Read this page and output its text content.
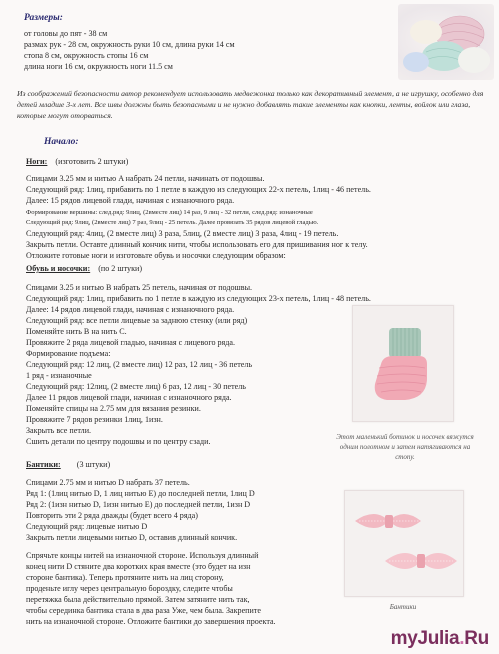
Размеры:
от головы до пят - 38 см
размах рук - 28 см, окружность руки 10 см, длина руки 14 см
стопа 8 см, окружность стопы 16 см
длина ноги 16 см, окружность ноги 11.5 см
Из соображений безопасности автор рекомендует использовать медвежонка только как декоративный элемент, а не игрушку, особенно для детей младше 3-х лет. Все швы должны быть безопасными и не нужно добавлять такие элементы как кнопки, ленты, войлок или глаза, которые могут оторваться.
Начало:
Ноги: (изготовить 2 штуки)
Спицами 3.25 мм и нитью A набрать 24 петли, начинать от подошвы.
Следующий ряд: 1лиц, прибавить по 1 петле в каждую из следующих 22-х петель, 1лиц - 46 петель.
Далее: 15 рядов лицевой глади, начиная с изнаночного ряда.
Формирование вершины: след.ряд: 9лиц, (2вместе лиц) 14 раз, 9 лиц - 32 петли, след.ряд: изнаночные
Следующий ряд: 9лиц, (2вместе лиц) 7 раз, 9лиц - 25 петель. Далее провязать 35 рядов лицевой гладью.
Следующий ряд: 4лиц, (2 вместе лиц) 3 раза, 5лиц, (2 вместе лиц) 3 раза, 4лиц - 19 петель.
Закрыть петли. Оставте длинный кончик нити, чтобы использовать его для пришивания ног к телу.
Отложите готовые ноги и изготовьте обувь и носочки следующим образом:
Обувь и носочки: (по 2 штуки)
Спицами 3.25 и нитью B набрать 25 петель, начиная от подошвы.
Следующий ряд: 1лиц, прибавить по 1 петле в каждую из следующих 23-х петель, 1лиц - 48 петель.
Далее: 14 рядов лицевой глади, начиная с изнаночного ряда.
Следующий ряд: все петли лицевые за заднюю стенку (или ряд)
Поменяйте нить B на нить C.
Провяжите 2 ряда лицевой гладью, начиная с лицевого ряда.
Формирование подъема:
Следующий ряд: 12 лиц, (2 вместе лиц) 12 раз, 12 лиц - 36 петель
1 ряд - изнаночные
Следующий ряд: 12лиц, (2 вместе лиц) 6 раз, 12 лиц - 30 петель
Далее 11 рядов лицевой глади, начиная с изнаночного ряда.
Поменяйте спицы на 2.75 мм для вязания резинки.
Провяжите 7 рядов резинки 1лиц, 1изн.
Закрыть все петли.
Сшить детали по центру подошвы и по центру сзади.	Этот маленький ботинок и носочек вяжутся одним полотном и затем натягиваются на стопу.
Бантики: (3 штуки)
Спицами 2.75 мм и нитью D набрать 37 петель.
Ряд 1: (1лиц нитью D, 1 лиц нитью E) до последней петли, 1лиц D
Ряд 2: (1изн нитью D, 1изн нитью E) до последней петли, 1изн D
Повторить эти 2 ряда дважды (будет всего 4 ряда)
Следующий ряд: лицевые нитью D
Закрыть петли лицевыми нитью D, оставив длинный кончик.
Спрячьте концы нитей на изнаночной стороне. Используя длинный
конец нити D стяните два коротких края вместе (это будет на изн
стороне бантика). Теперь протяните нить на лиц сторону,
проденьте иглу через центральную бороздку, следите чтобы
перетяжка была действительно прямой. Затем затяните нить так,
чтобы серединка бантика стала в два раза Уже, чем была. Закрепите
нить на изнаночной стороне. Отложите бантики до завершения проекта.
Бантики
myJulia.Ru
